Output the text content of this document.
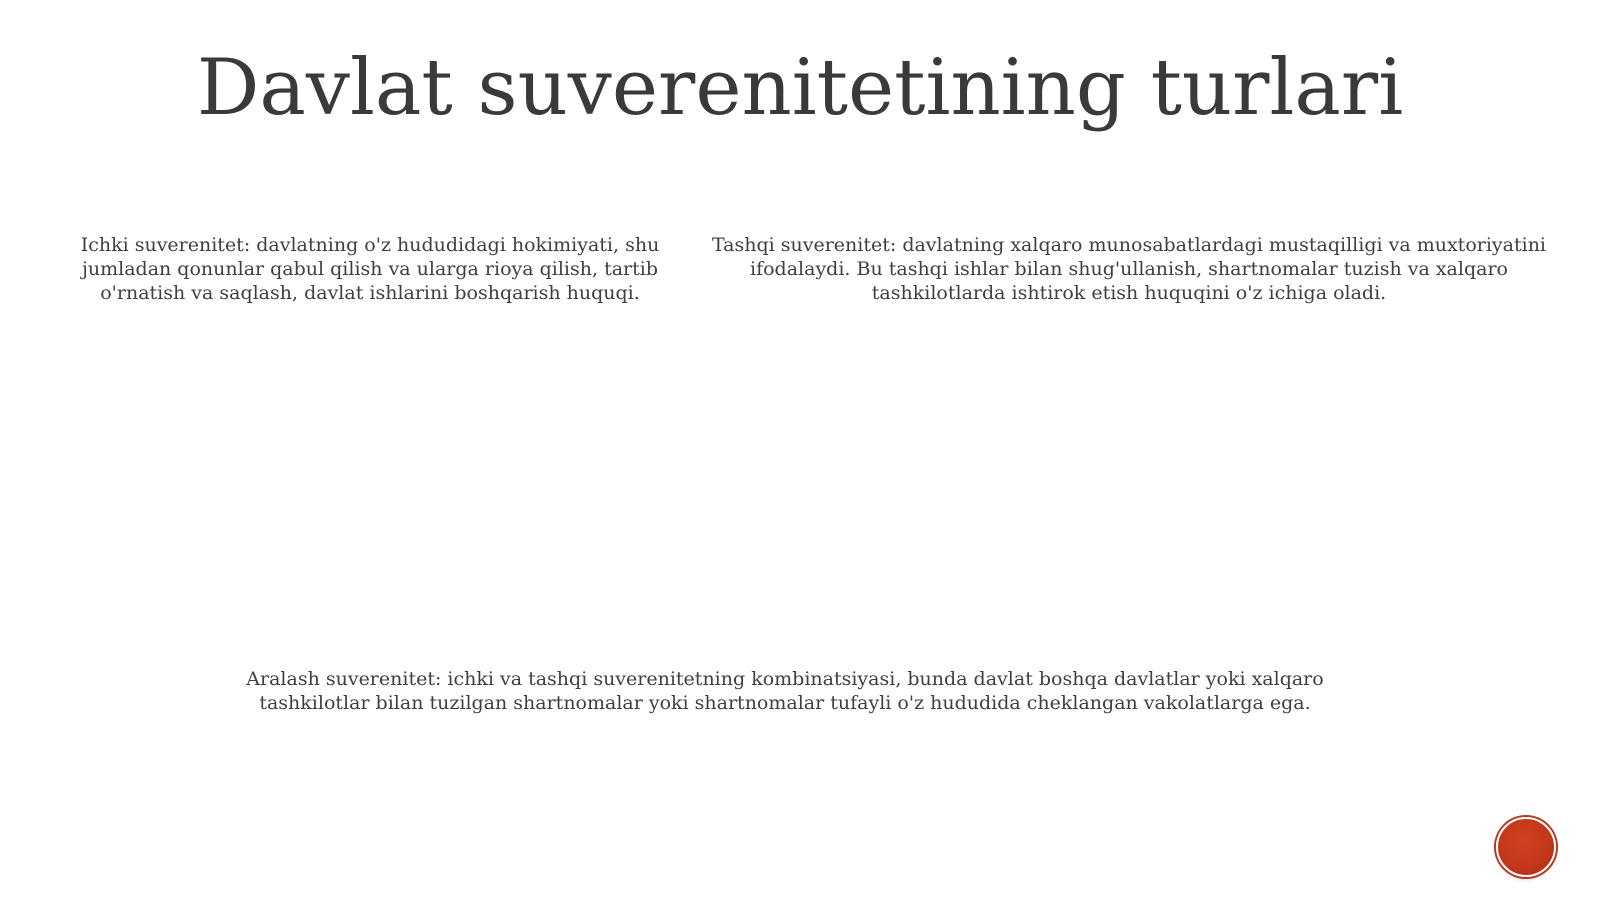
Davlat suverenitetining turlari

Ichki suverenitet: davlatning o'z hududidagi hokimiyati, shu jumladan qonunlar qabul qilish va ularga rioya qilish, tartib o'rnatish va saqlash, davlat ishlarini boshqarish huquqi.

Tashqi suverenitet: davlatning xalqaro munosabatlardagi mustaqilligi va muxtoriyatini ifodalaydi. Bu tashqi ishlar bilan shug'ullanish, shartnomalar tuzish va xalqaro tashkilotlarda ishtirok etish huquqini o'z ichiga oladi.

Aralash suverenitet: ichki va tashqi suverenitetning kombinatsiyasi, bunda davlat boshqa davlatlar yoki xalqaro tashkilotlar bilan tuzilgan shartnomalar yoki shartnomalar tufayli o'z hududida cheklangan vakolatlarga ega.
